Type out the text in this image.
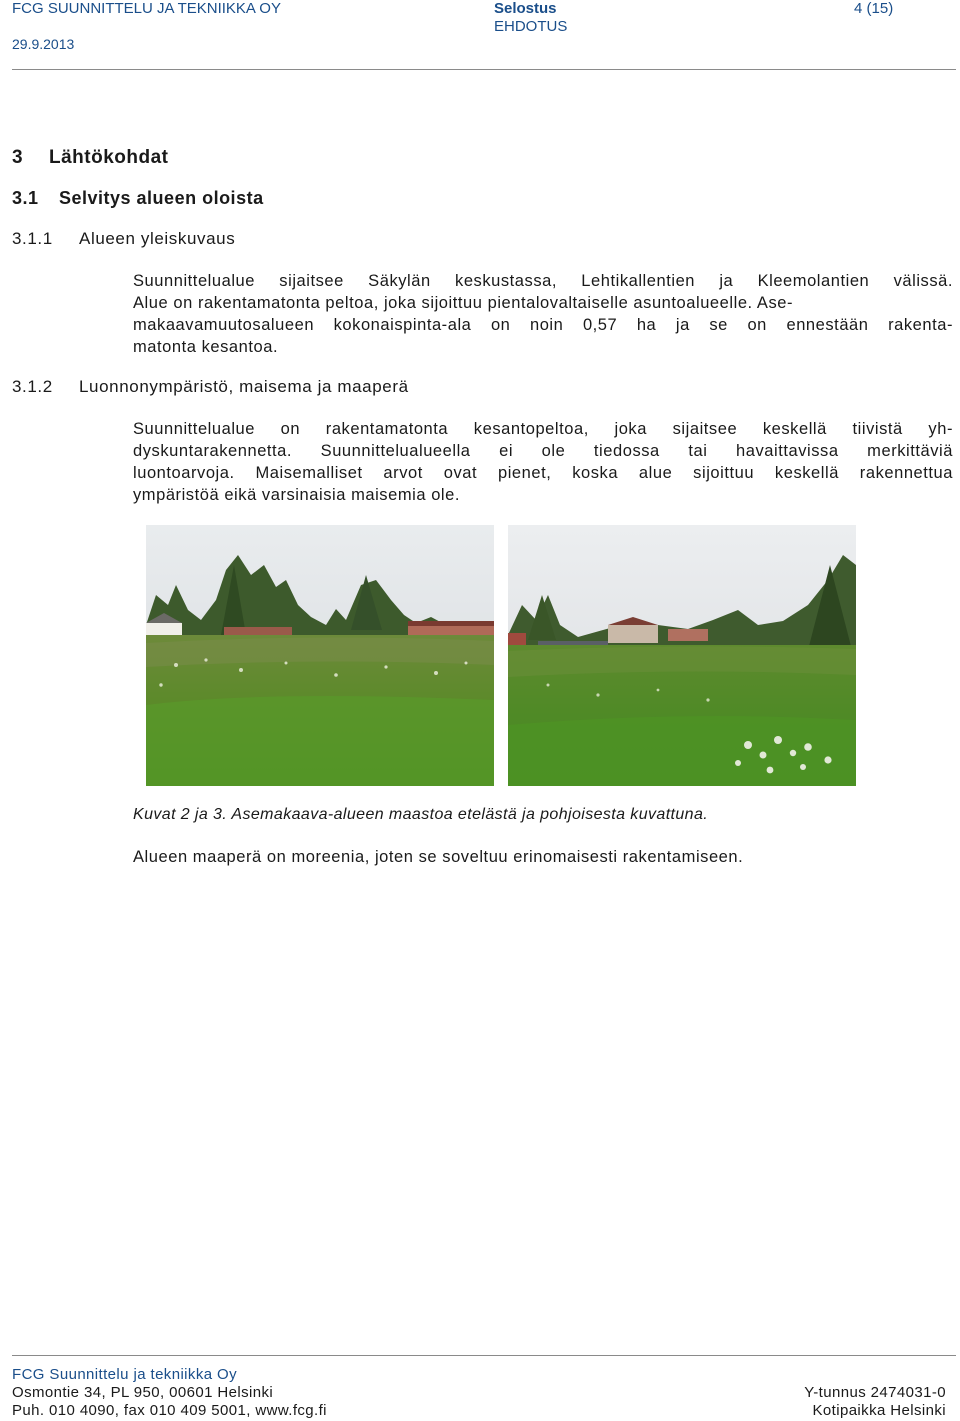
FCG SUUNNITTELU JA TEKNIIKKA OY
29.9.2013
Selostus
EHDOTUS
4 (15)
3 Lähtökohdat
3.1 Selvitys alueen oloista
3.1.1 Alueen yleiskuvaus
Suunnittelualue sijaitsee Säkylän keskustassa, Lehtikallentien ja Kleemolantien välissä.
Alue on rakentamatonta peltoa, joka sijoittuu pientalovaltaiselle asuntoalueelle. Ase-
makaavamuutosalueen kokonaispinta-ala on noin 0,57 ha ja se on ennestään rakenta-
matonta kesantoa.
3.1.2 Luonnonympäristö, maisema ja maaperä
Suunnittelualue on rakentamatonta kesantopeltoa, joka sijaitsee keskellä tiivistä yh-
dyskuntarakennetta. Suunnittelualueella ei ole tiedossa tai havaittavissa merkittäviä
luontoarvoja. Maisemalliset arvot ovat pienet, koska alue sijoittuu keskellä rakennettua
ympäristöä eikä varsinaisia maisemia ole.
Kuvat 2 ja 3. Asemakaava-alueen maastoa etelästä ja pohjoisesta kuvattuna.
Alueen maaperä on moreenia, joten se soveltuu erinomaisesti rakentamiseen.
FCG Suunnittelu ja tekniikka Oy
Osmontie 34, PL 950, 00601 Helsinki
Puh. 010 4090, fax 010 409 5001, www.fcg.fi
Y-tunnus 2474031-0
Kotipaikka Helsinki
